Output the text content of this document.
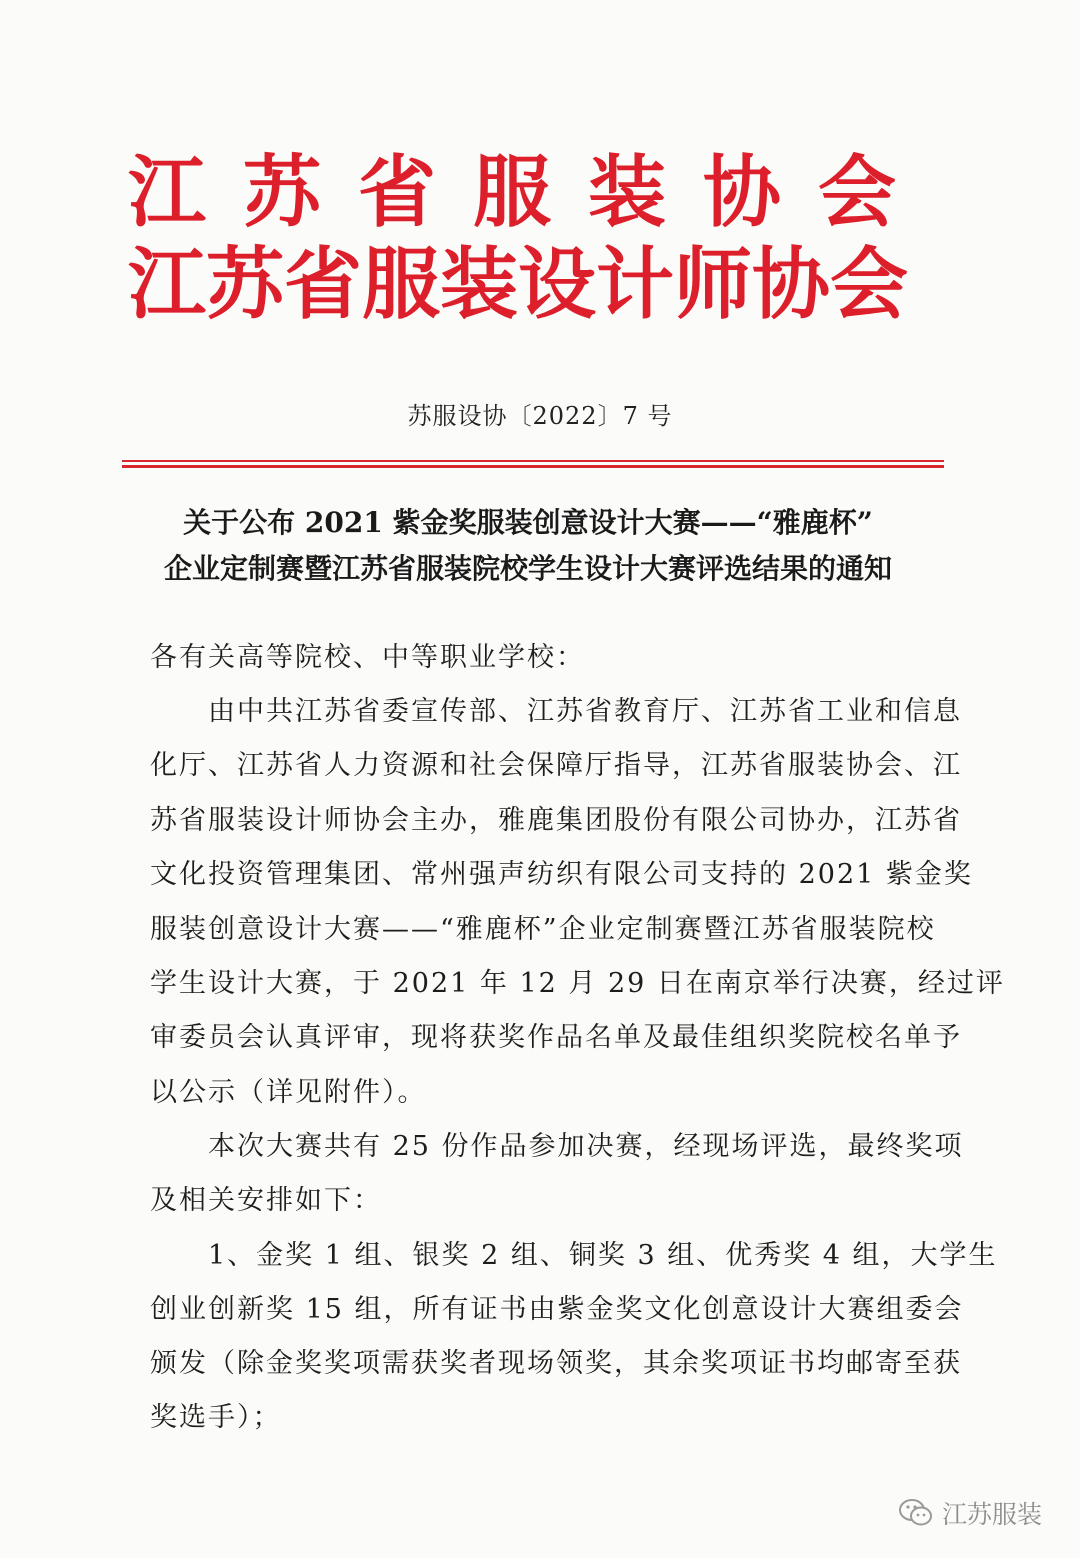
江苏省服装协会
江苏省服装设计师协会
苏服设协〔2022〕7 号
关于公布 2021 紫金奖服装创意设计大赛——“雅鹿杯”
企业定制赛暨江苏省服装院校学生设计大赛评选结果的通知
各有关高等院校、中等职业学校：
　　由中共江苏省委宣传部、江苏省教育厅、江苏省工业和信息
化厅、江苏省人力资源和社会保障厅指导，江苏省服装协会、江
苏省服装设计师协会主办，雅鹿集团股份有限公司协办，江苏省
文化投资管理集团、常州强声纺织有限公司支持的 2021 紫金奖
服装创意设计大赛——“雅鹿杯”企业定制赛暨江苏省服装院校
学生设计大赛，于 2021 年 12 月 29 日在南京举行决赛，经过评
审委员会认真评审，现将获奖作品名单及最佳组织奖院校名单予
以公示（详见附件）。
　　本次大赛共有 25 份作品参加决赛，经现场评选，最终奖项
及相关安排如下：
　　1、金奖 1 组、银奖 2 组、铜奖 3 组、优秀奖 4 组，大学生
创业创新奖 15 组，所有证书由紫金奖文化创意设计大赛组委会
颁发（除金奖奖项需获奖者现场领奖，其余奖项证书均邮寄至获
奖选手）；
江苏服装
